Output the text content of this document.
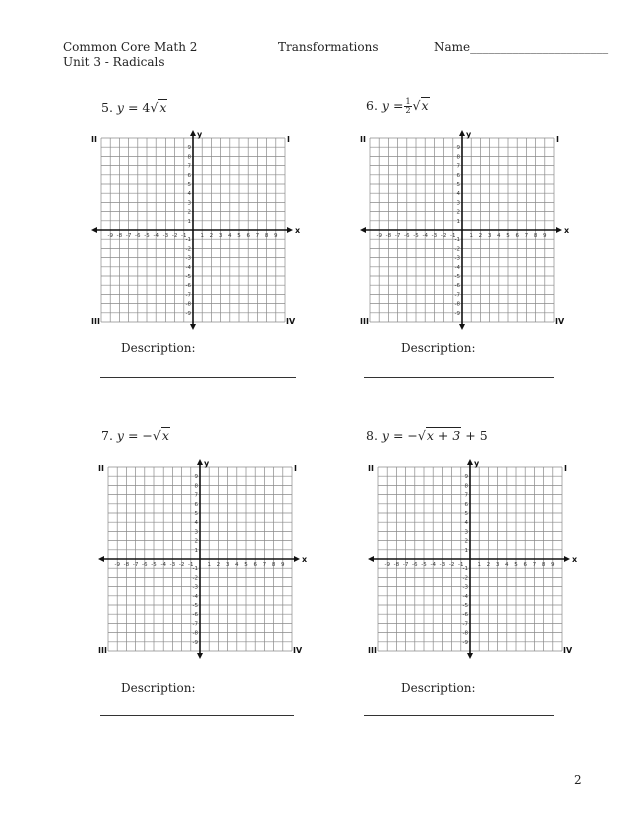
Common Core Math 2
Unit 3 - Radicals
Transformations	Name_______________________
5. y = 4√x	6. $y = \frac{1}{2} √x$
7. y = −√x	8. y = −√x + 3 + 5
x
y
-9 -8 -7 -6 -5 -4 -3 -2 -1	1 2 3 4 5 6 7 8 9
9
8
7
6
5
4
3
2
1
-1
-2
-3
-4
-5
-6
-7
-8
-9
I
II
III	IV
x
y
-9 -8 -7 -6 -5 -4 -3 -2 -1	1 2 3 4 5 6 7 8 9
9
8
7
6
5
4
3
2
1
-1
-2
-3
-4
-5
-6
-7
-8
-9
I
II
III	IV
x
y
-9 -8 -7 -6 -5 -4 -3 -2 -1	1 2 3 4 5 6 7 8 9
9
8
7
6
5
4
3
2
1
-1
-2
-3
-4
-5
-6
-7
-8
-9
I
II
III	IV
x
y
-9 -8 -7 -6 -5 -4 -3 -2 -1	1 2 3 4 5 6 7 8 9
9
8
7
6
5
4
3
2
1
-1
-2
-3
-4
-5
-6
-7
-8
-9
I
II
III	IV
Description:	Description:
Description:	Description:
2
